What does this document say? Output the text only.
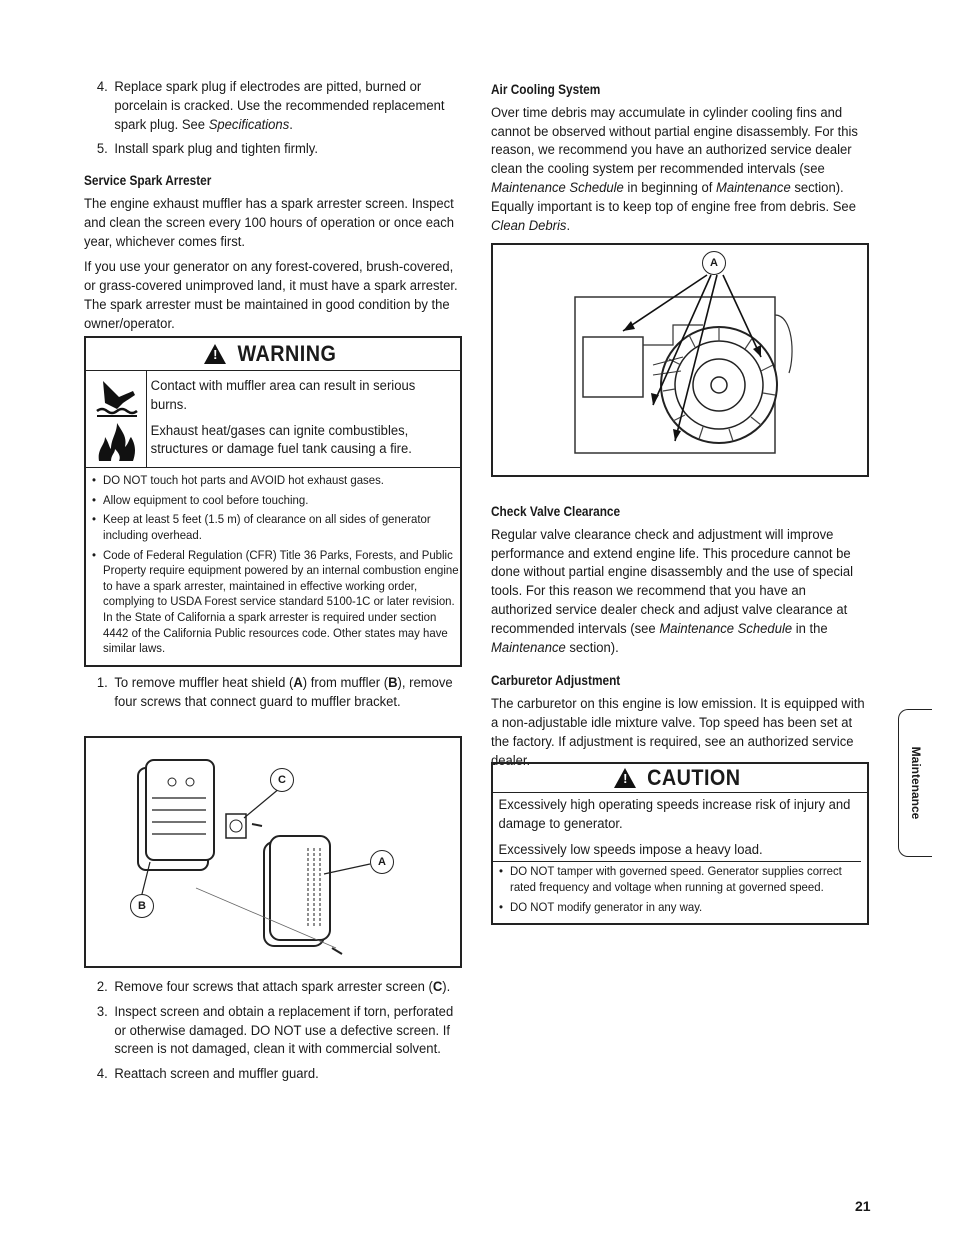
4. Replace spark plug if electrodes are pitted, burned or porcelain is cracked. Use the recommended replacement spark plug. See Specifications.
5. Install spark plug and tighten firmly.
Service Spark Arrester

The engine exhaust muffler has a spark arrester screen. Inspect and clean the screen every 100 hours of operation or once each year, whichever comes first.

If you use your generator on any forest-covered, brush-covered, or grass-covered unimproved land, it must have a spark arrester. The spark arrester must be maintained in good condition by the owner/operator.

! WARNING

Contact with muffler area can result in serious burns.

Exhaust heat/gases can ignite combustibles, structures or damage fuel tank causing a fire.

• DO NOT touch hot parts and AVOID hot exhaust gases.
• Allow equipment to cool before touching.
• Keep at least 5 feet (1.5 m) of clearance on all sides of generator including overhead.
• Code of Federal Regulation (CFR) Title 36 Parks, Forests, and Public Property require equipment powered by an internal combustion engine to have a spark arrester, maintained in effective working order, complying to USDA Forest service standard 5100-1C or later revision. In the State of California a spark arrester is required under section 4442 of the California Public resources code. Other states may have similar laws.
1. To remove muffler heat shield (A) from muffler (B), remove four screws that connect guard to muffler bracket.
C
A
B
2. Remove four screws that attach spark arrester screen (C).
3. Inspect screen and obtain a replacement if torn, perforated or otherwise damaged. DO NOT use a defective screen. If screen is not damaged, clean it with commercial solvent.
4. Reattach screen and muffler guard.
Air Cooling System

Over time debris may accumulate in cylinder cooling fins and cannot be observed without partial engine disassembly. For this reason, we recommend you have an authorized service dealer clean the cooling system per recommended intervals (see Maintenance Schedule in beginning of Maintenance section). Equally important is to keep top of engine free from debris. See Clean Debris.

A
Check Valve Clearance

Regular valve clearance check and adjustment will improve performance and extend engine life. This procedure cannot be done without partial engine disassembly and the use of special tools. For this reason we recommend that you have an authorized service dealer check and adjust valve clearance at recommended intervals (see Maintenance Schedule in the Maintenance section).

Carburetor Adjustment

The carburetor on this engine is low emission. It is equipped with a non-adjustable idle mixture valve. Top speed has been set at the factory. If adjustment is required, see an authorized service dealer.

! CAUTION

Excessively high operating speeds increase risk of injury and damage to generator.

Excessively low speeds impose a heavy load.

• DO NOT tamper with governed speed. Generator supplies correct rated frequency and voltage when running at governed speed.
• DO NOT modify generator in any way.
Maintenance
21
